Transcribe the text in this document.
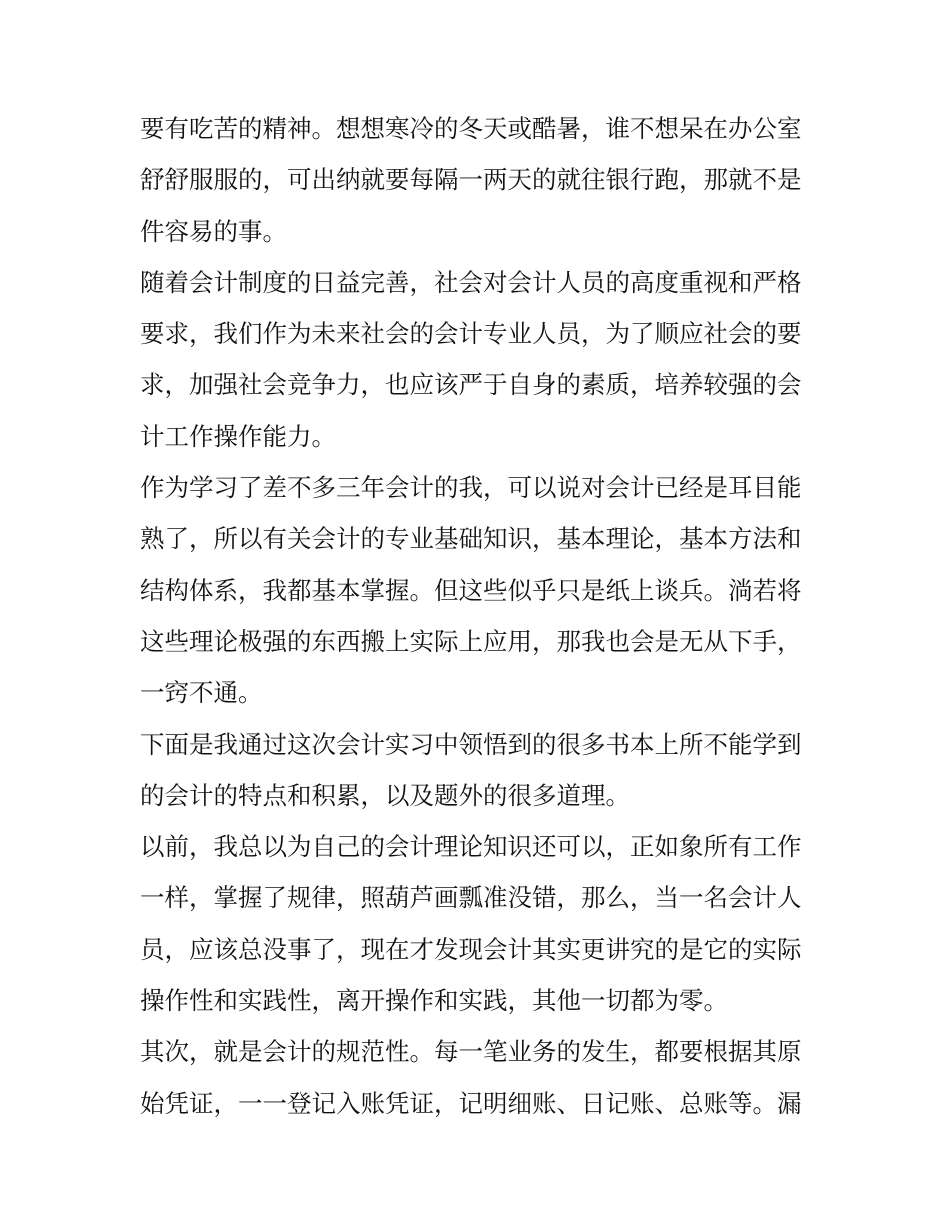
要有吃苦的精神。想想寒冷的冬天或酷暑，谁不想呆在办公室
舒舒服服的，可出纳就要每隔一两天的就往银行跑，那就不是
件容易的事。
随着会计制度的日益完善，社会对会计人员的高度重视和严格
要求，我们作为未来社会的会计专业人员，为了顺应社会的要
求，加强社会竞争力，也应该严于自身的素质，培养较强的会
计工作操作能力。
作为学习了差不多三年会计的我，可以说对会计已经是耳目能
熟了，所以有关会计的专业基础知识，基本理论，基本方法和
结构体系，我都基本掌握。但这些似乎只是纸上谈兵。淌若将
这些理论极强的东西搬上实际上应用，那我也会是无从下手，
一窍不通。
下面是我通过这次会计实习中领悟到的很多书本上所不能学到
的会计的特点和积累，以及题外的很多道理。
以前，我总以为自己的会计理论知识还可以，正如象所有工作
一样，掌握了规律，照葫芦画瓢准没错，那么，当一名会计人
员，应该总没事了，现在才发现会计其实更讲究的是它的实际
操作性和实践性，离开操作和实践，其他一切都为零。
其次，就是会计的规范性。每一笔业务的发生，都要根据其原
始凭证，一一登记入账凭证，记明细账、日记账、总账等。漏
